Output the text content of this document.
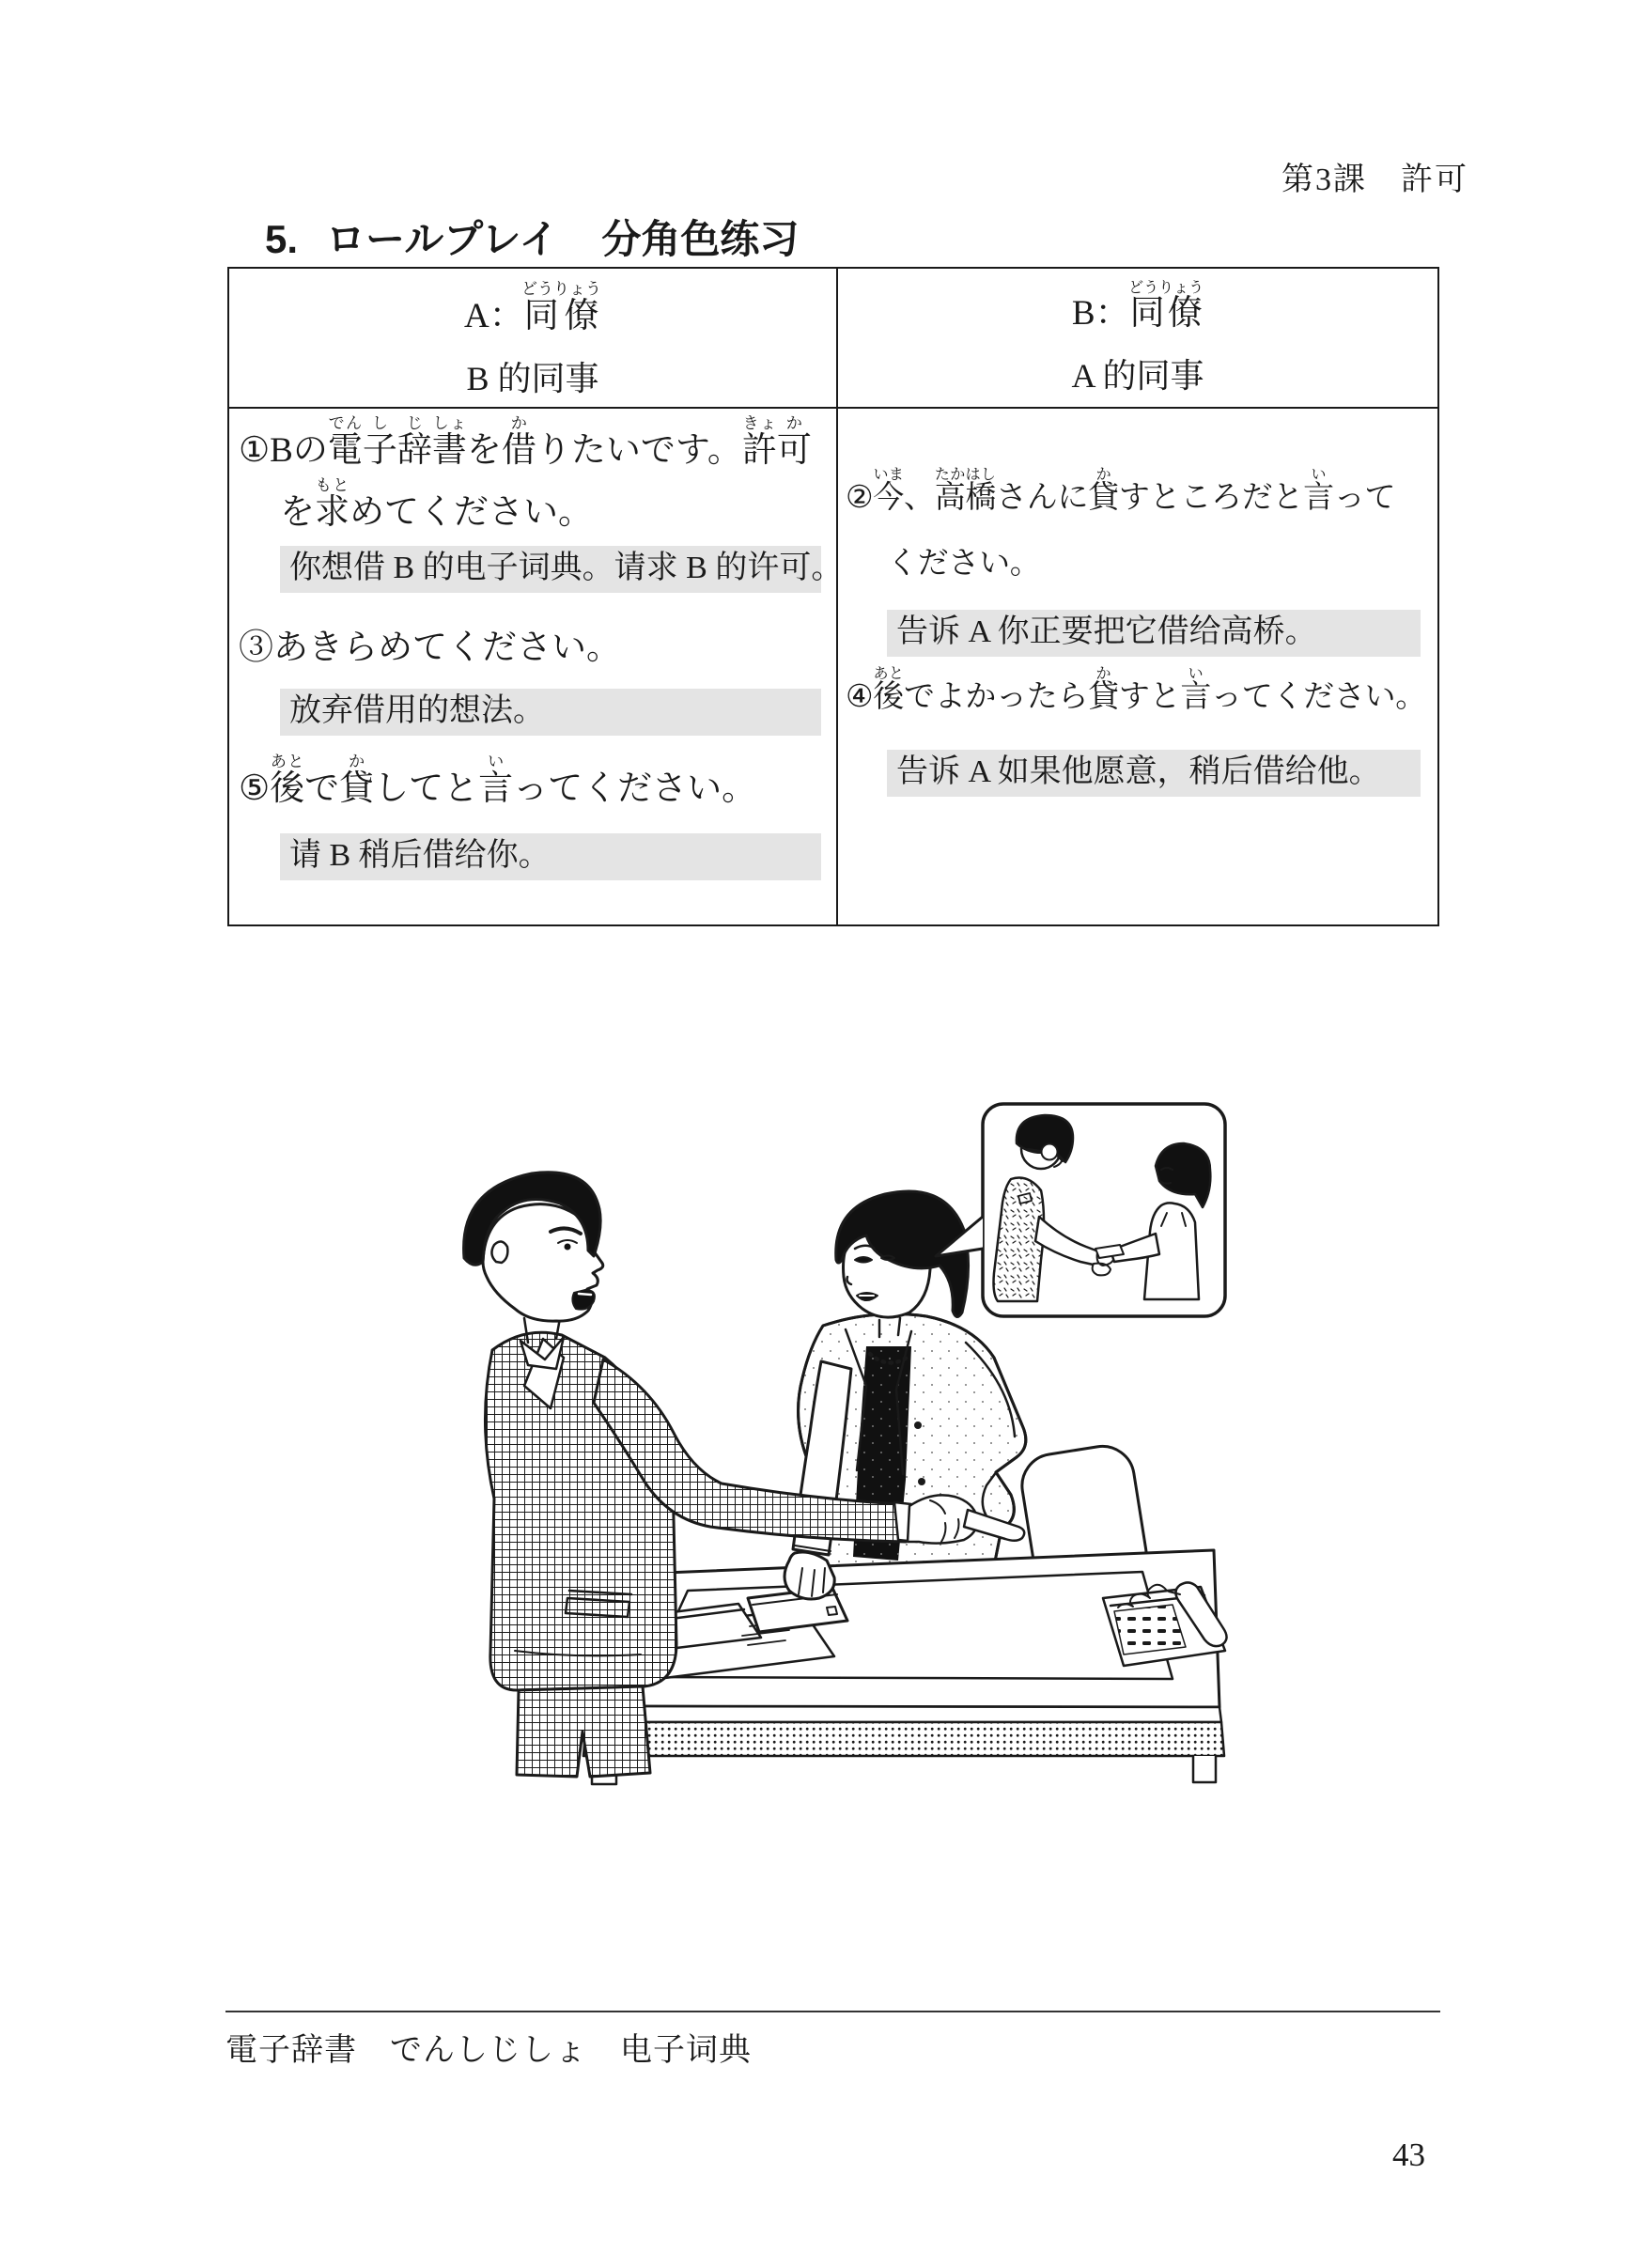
第3課　許可
5. ロールプレイ 分角色练习
A：同僚どうりょう
B 的同事
B：同僚どうりょう
A 的同事
①Bの電でん子し辞じ書しょを借かりたいです。許きょ可か
を求もとめてください。
你想借 B 的电子词典。请求 B 的许可。
③あきらめてください。
放弃借用的想法。
⑤後あとで貸かしてと言いってください。
请 B 稍后借给你。
②今いま、高たか橋はしさんに貸かすところだと言いって
ください。
告诉 A 你正要把它借给高桥。
④後あとでよかったら貸かすと言いってください。
告诉 A 如果他愿意，稍后借给他。
電子辞書　でんしじしょ　电子词典
43
